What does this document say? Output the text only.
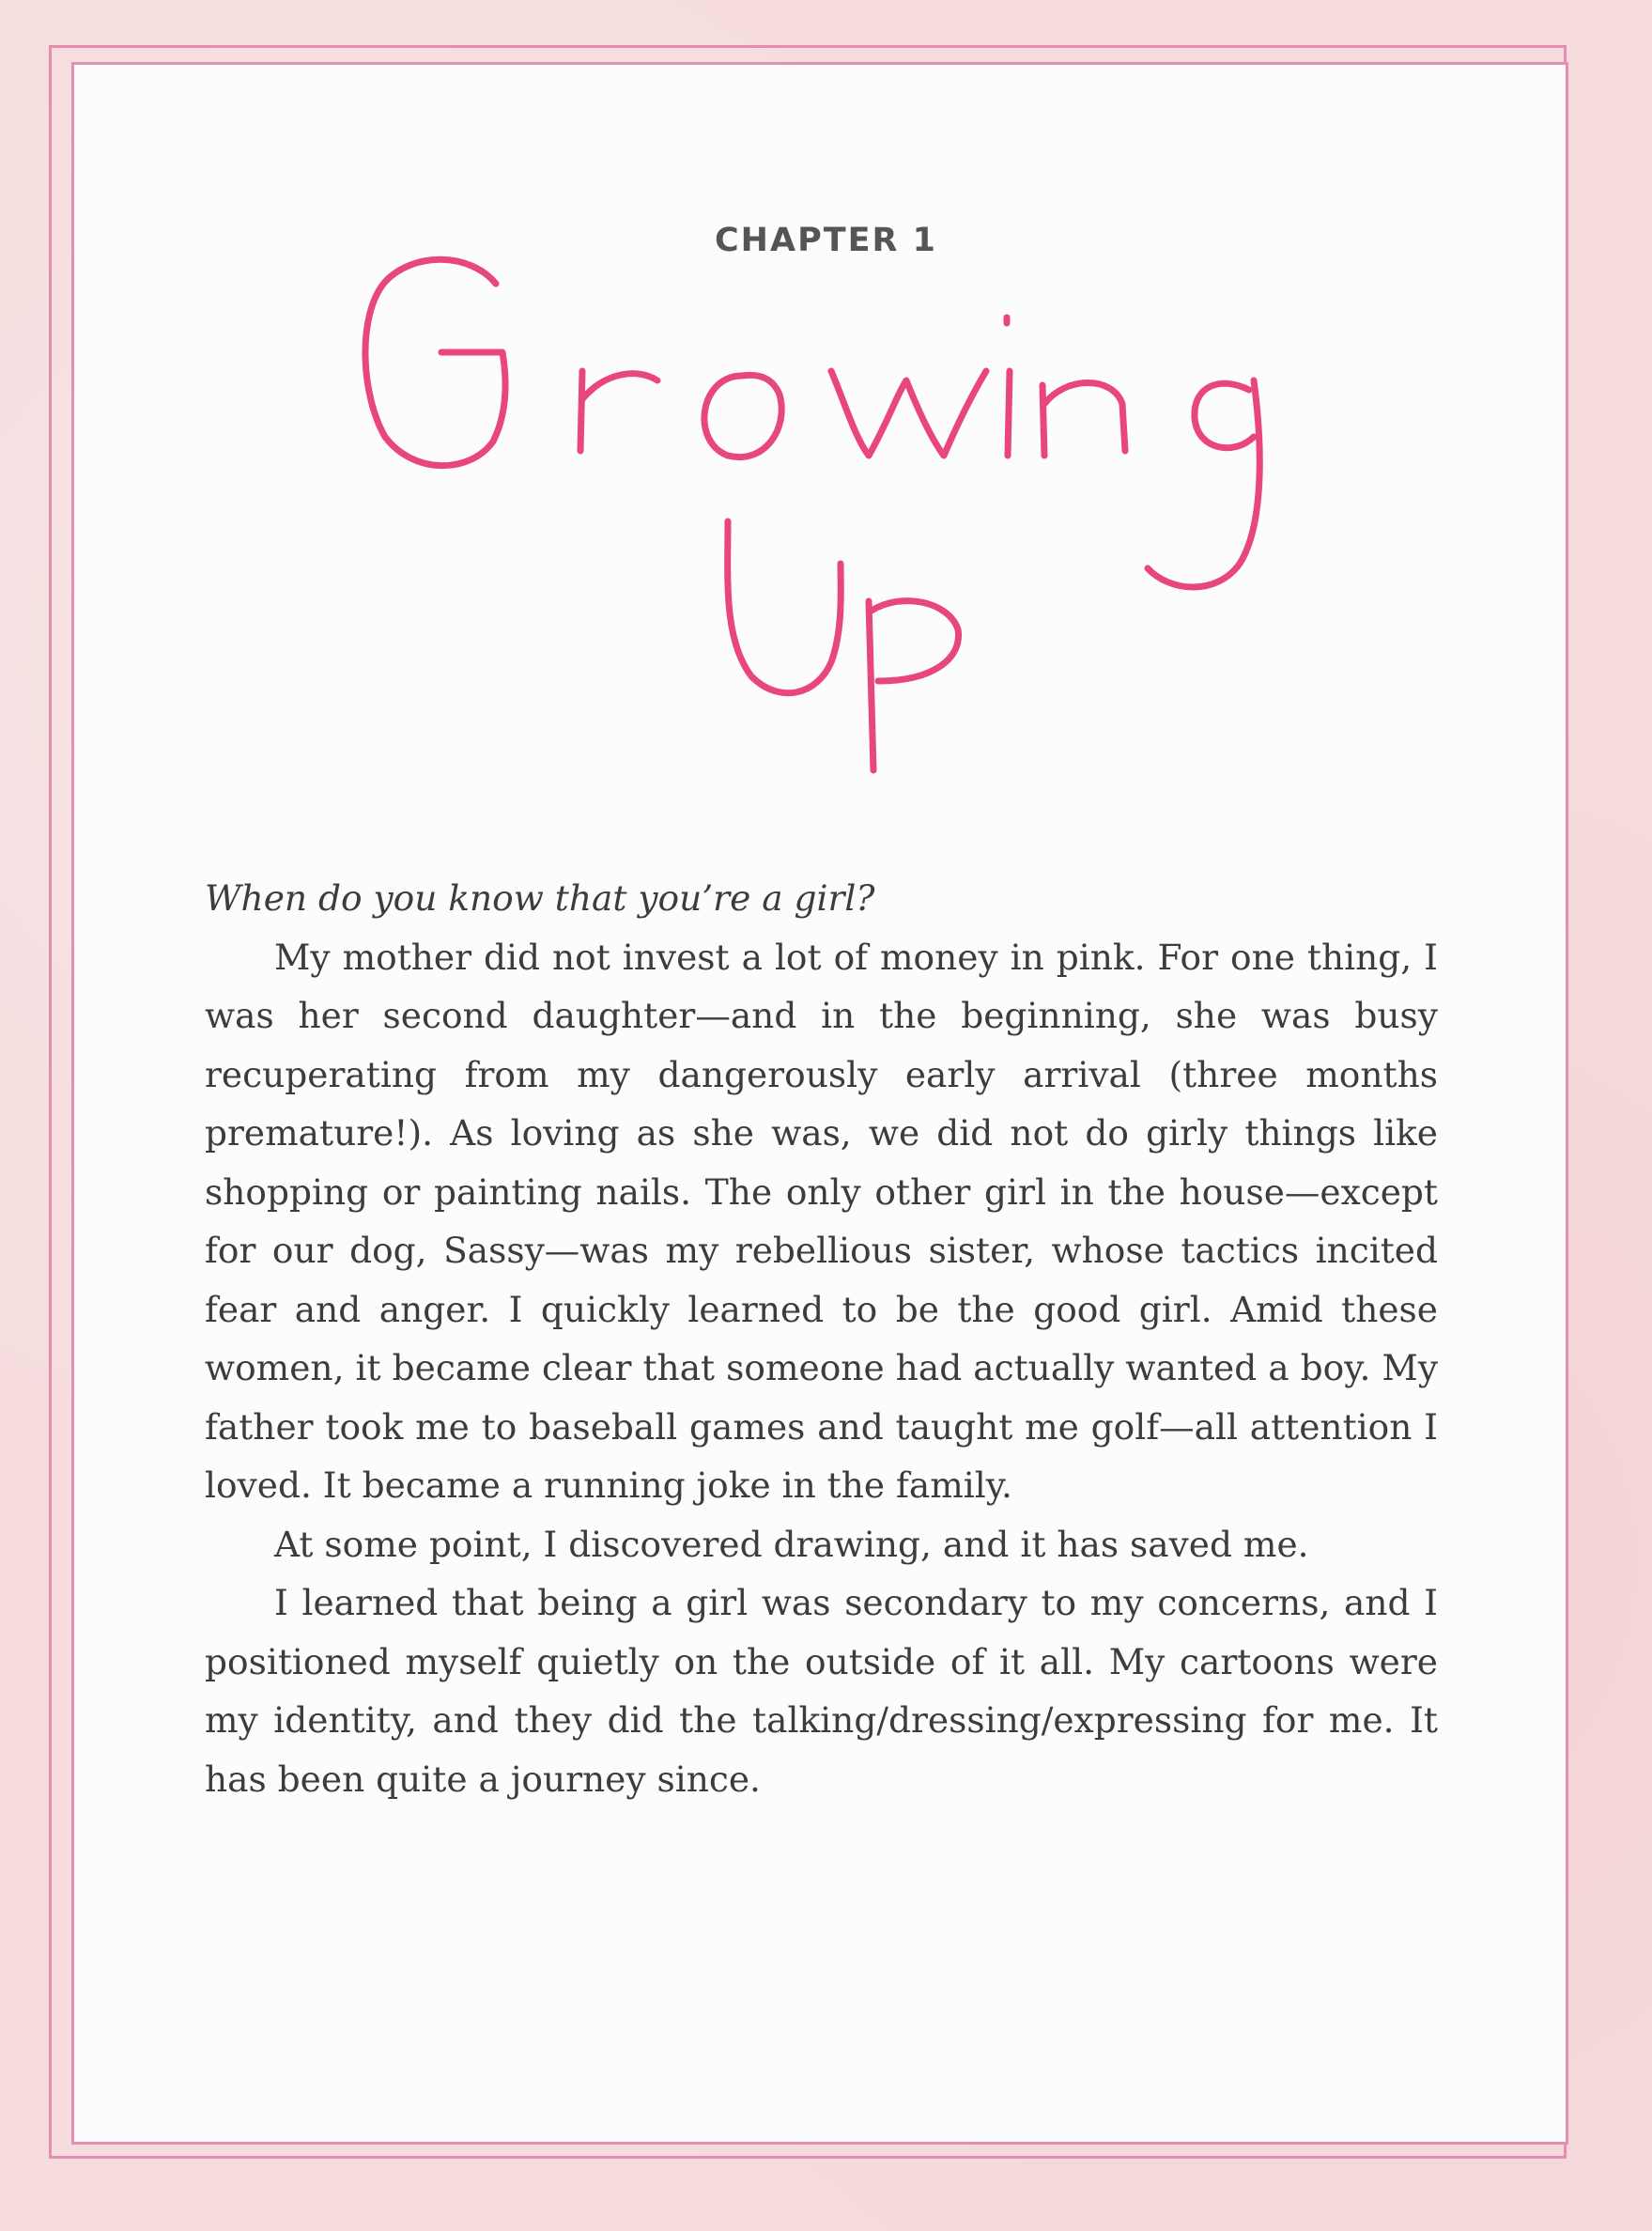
CHAPTER 1

When do you know that you’re a girl?

My mother did not invest a lot of money in pink. For one thing, I was her second daughter—and in the beginning, she was busy recuperating from my dangerously early arrival (three months premature!). As loving as she was, we did not do girly things like shopping or painting nails. The only other girl in the house—except for our dog, Sassy—was my rebellious sister, whose tactics incited fear and anger. I quickly learned to be the good girl. Amid these women, it became clear that someone had actually wanted a boy. My father took me to baseball games and taught me golf—all attention I loved. It became a running joke in the family.

At some point, I discovered drawing, and it has saved me.

I learned that being a girl was secondary to my concerns, and I positioned myself quietly on the outside of it all. My cartoons were my identity, and they did the talking/dressing/expressing for me. It has been quite a journey since.
